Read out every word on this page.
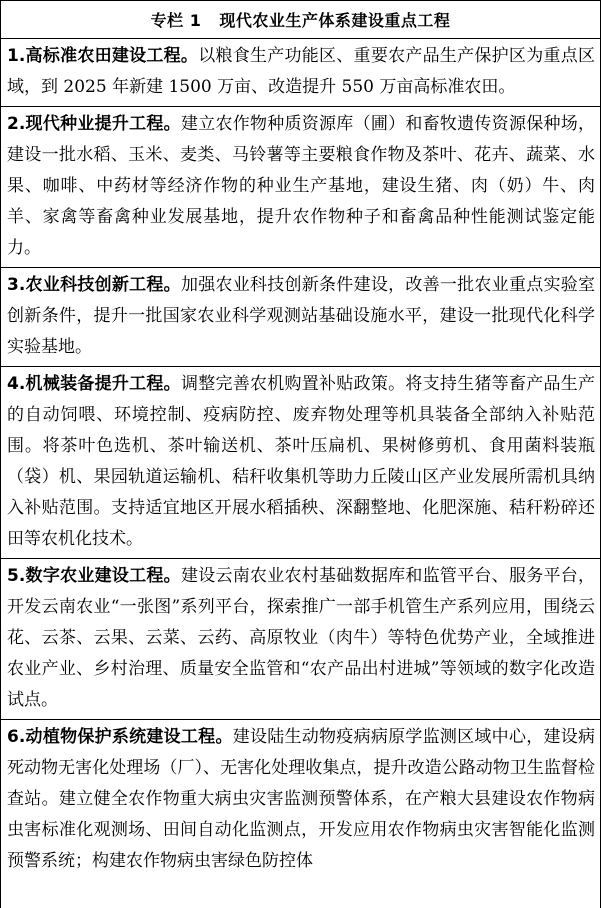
专栏 1 现代农业生产体系建设重点工程
1.高标准农田建设工程。以粮食生产功能区、重要农产品生产保护区为重点区域，到 2025 年新建 1500 万亩、改造提升 550 万亩高标准农田。
2.现代种业提升工程。建立农作物种质资源库（圃）和畜牧遗传资源保种场，建设一批水稻、玉米、麦类、马铃薯等主要粮食作物及茶叶、花卉、蔬菜、水果、咖啡、中药材等经济作物的种业生产基地，建设生猪、肉（奶）牛、肉羊、家禽等畜禽种业发展基地，提升农作物种子和畜禽品种性能测试鉴定能力。
3.农业科技创新工程。加强农业科技创新条件建设，改善一批农业重点实验室创新条件，提升一批国家农业科学观测站基础设施水平，建设一批现代化科学实验基地。
4.机械装备提升工程。调整完善农机购置补贴政策。将支持生猪等畜产品生产的自动饲喂、环境控制、疫病防控、废弃物处理等机具装备全部纳入补贴范围。将茶叶色选机、茶叶输送机、茶叶压扁机、果树修剪机、食用菌料装瓶（袋）机、果园轨道运输机、秸秆收集机等助力丘陵山区产业发展所需机具纳入补贴范围。支持适宜地区开展水稻插秧、深翻整地、化肥深施、秸秆粉碎还田等农机化技术。
5.数字农业建设工程。建设云南农业农村基础数据库和监管平台、服务平台，开发云南农业“一张图”系列平台，探索推广一部手机管生产系列应用，围绕云花、云茶、云果、云菜、云药、高原牧业（肉牛）等特色优势产业，全域推进农业产业、乡村治理、质量安全监管和“农产品出村进城”等领域的数字化改造试点。
6.动植物保护系统建设工程。建设陆生动物疫病病原学监测区域中心，建设病死动物无害化处理场（厂）、无害化处理收集点，提升改造公路动物卫生监督检查站。建立健全农作物重大病虫灾害监测预警体系，在产粮大县建设农作物病虫害标准化观测场、田间自动化监测点，开发应用农作物病虫灾害智能化监测预警系统；构建农作物病虫害绿色防控体
